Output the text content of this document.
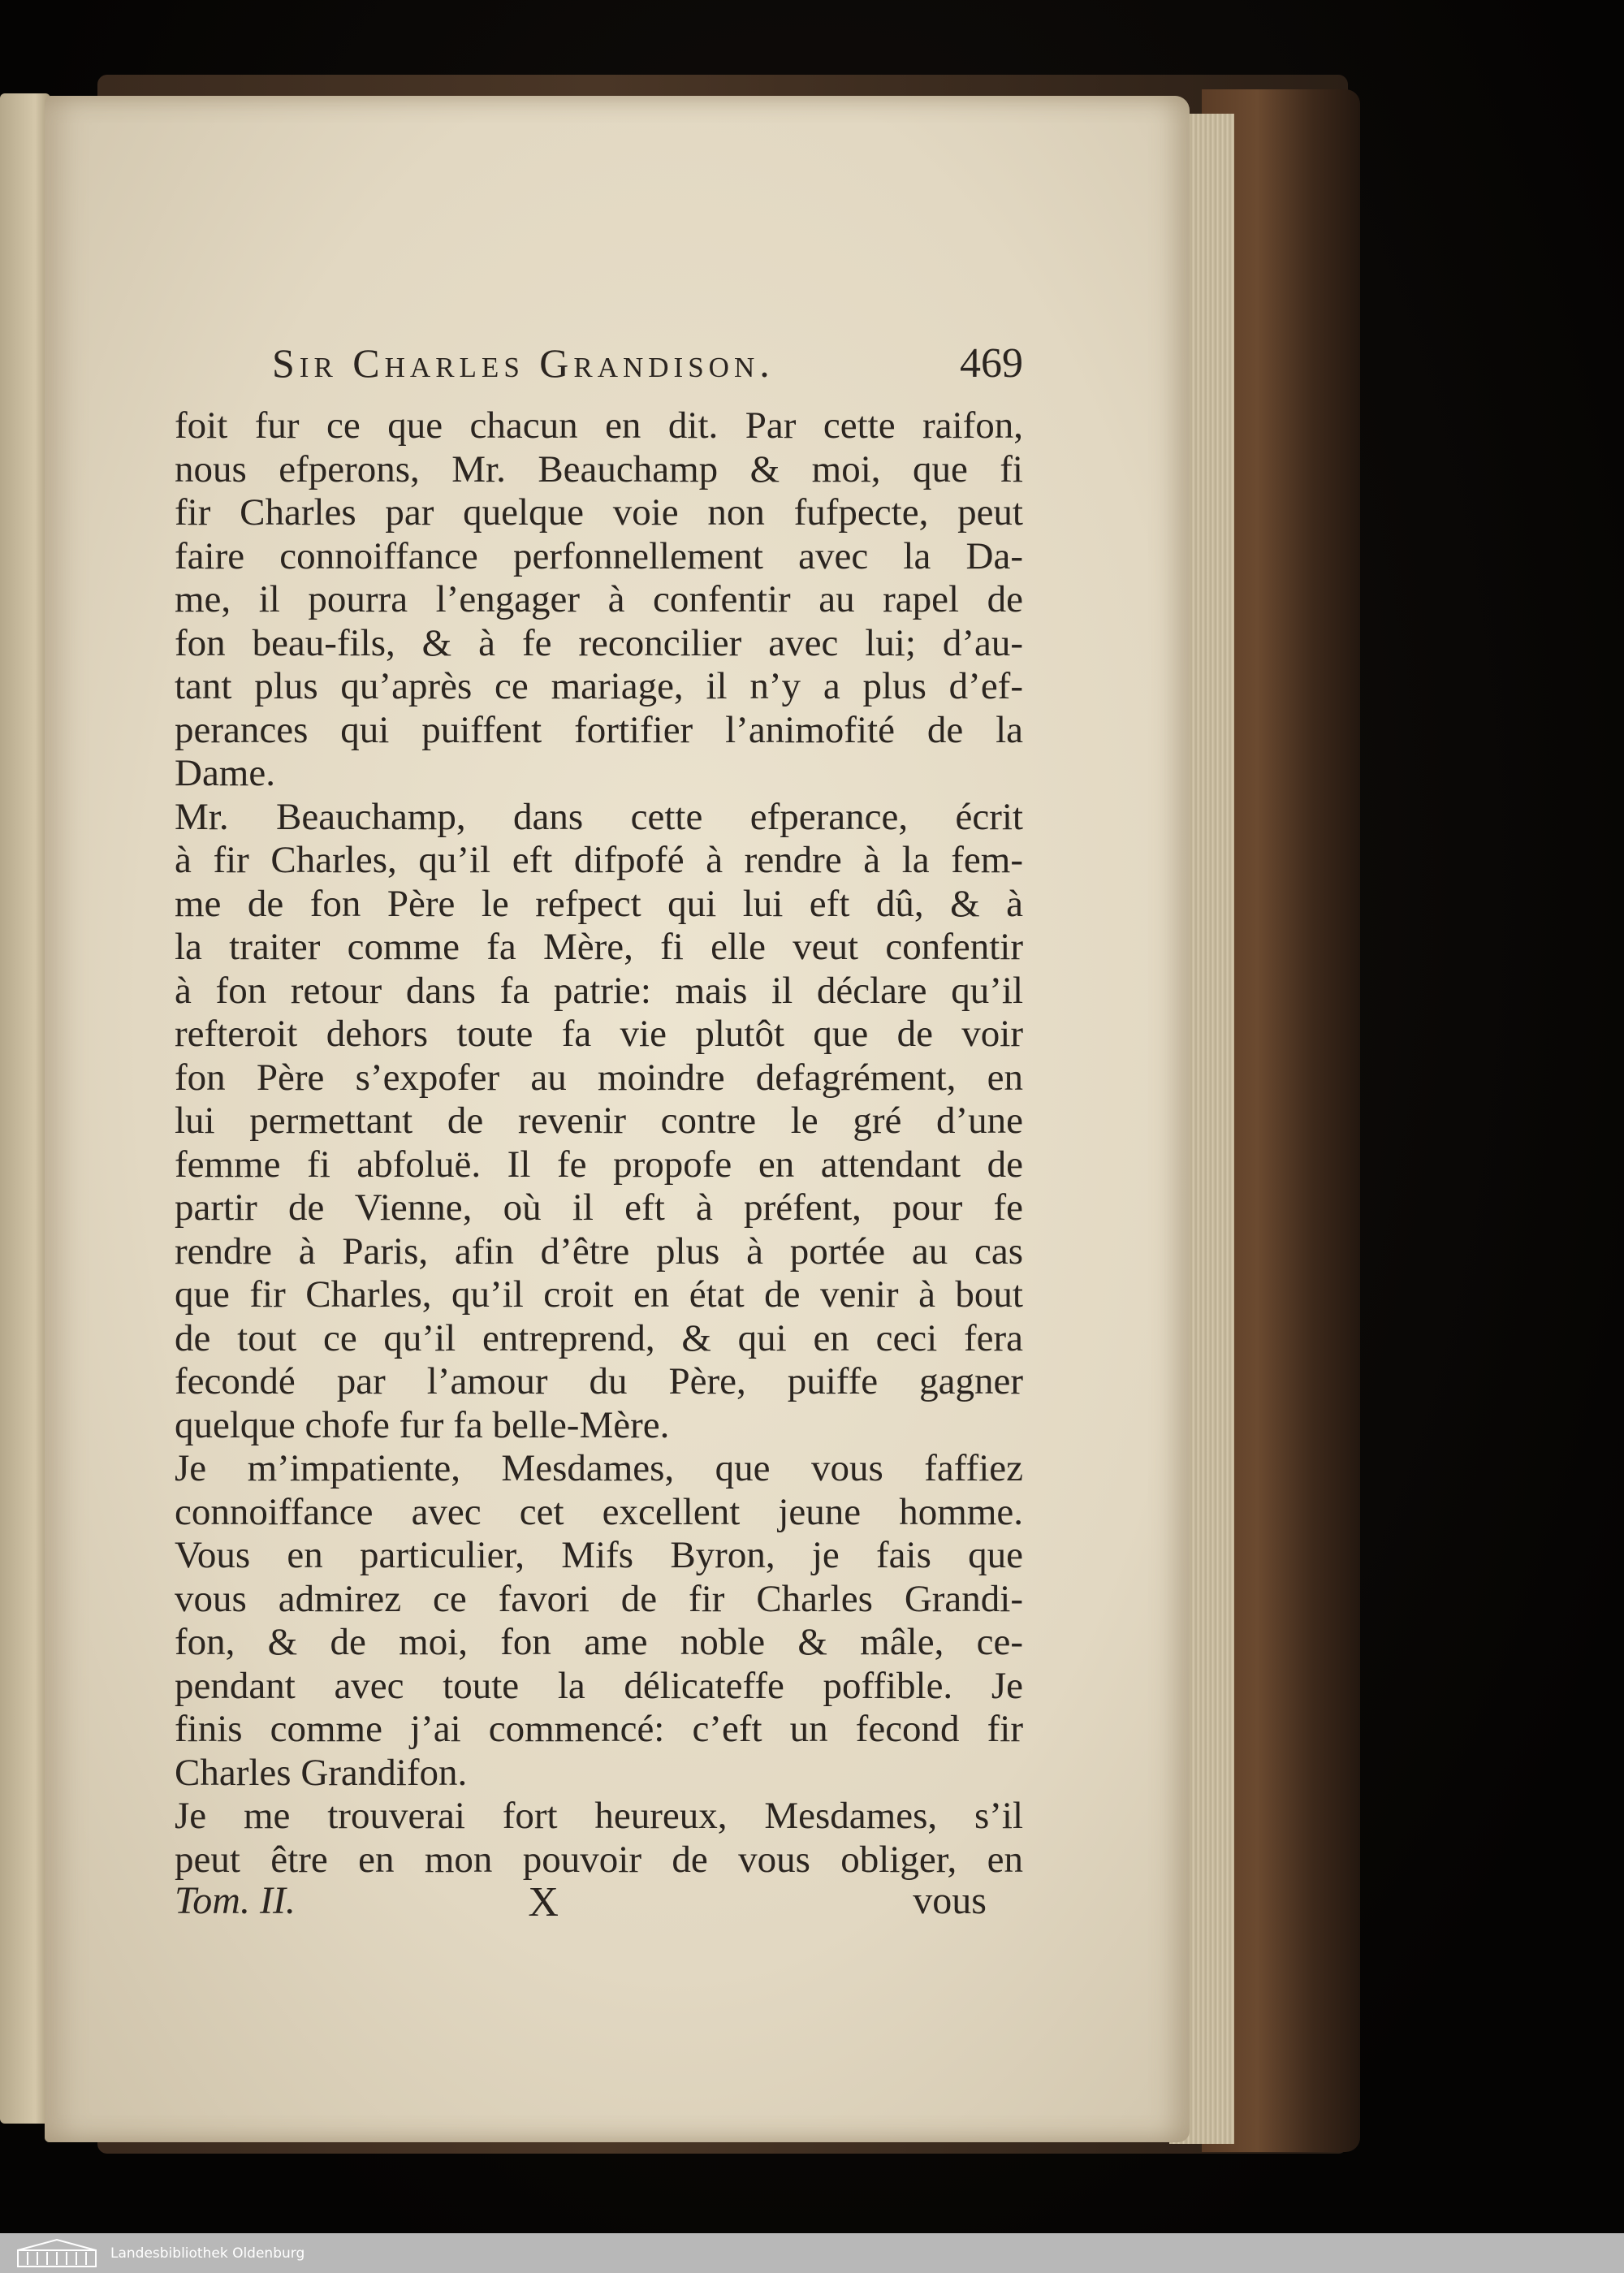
Sir Charles Grandison.	469
foit fur ce que chacun en dit. Par cette raifon,
nous efperons, Mr. Beauchamp & moi, que fi
fir Charles par quelque voie non fufpecte, peut
faire connoiffance perfonnellement avec la Da-
me, il pourra l’engager à confentir au rapel de
fon beau-fils, & à fe reconcilier avec lui; d’au-
tant plus qu’après ce mariage, il n’y a plus d’ef-
perances qui puiffent fortifier l’animofité de la
Dame.
Mr. Beauchamp, dans cette efperance, écrit
à fir Charles, qu’il eft difpofé à rendre à la fem-
me de fon Père le refpect qui lui eft dû, & à
la traiter comme fa Mère, fi elle veut confentir
à fon retour dans fa patrie: mais il déclare qu’il
refteroit dehors toute fa vie plutôt que de voir
fon Père s’expofer au moindre defagrément, en
lui permettant de revenir contre le gré d’une
femme fi abfoluë. Il fe propofe en attendant de
partir de Vienne, où il eft à préfent, pour fe
rendre à Paris, afin d’être plus à portée au cas
que fir Charles, qu’il croit en état de venir à bout
de tout ce qu’il entreprend, & qui en ceci fera
fecondé par l’amour du Père, puiffe gagner
quelque chofe fur fa belle-Mère.
Je m’impatiente, Mesdames, que vous faffiez
connoiffance avec cet excellent jeune homme.
Vous en particulier, Mifs Byron, je fais que
vous admirez ce favori de fir Charles Grandi-
fon, & de moi, fon ame noble & mâle, ce-
pendant avec toute la délicateffe poffible. Je
finis comme j’ai commencé: c’eft un fecond fir
Charles Grandifon.
Je me trouverai fort heureux, Mesdames, s’il
peut être en mon pouvoir de vous obliger, en
Tom. II.	X	vous
Landesbibliothek Oldenburg
